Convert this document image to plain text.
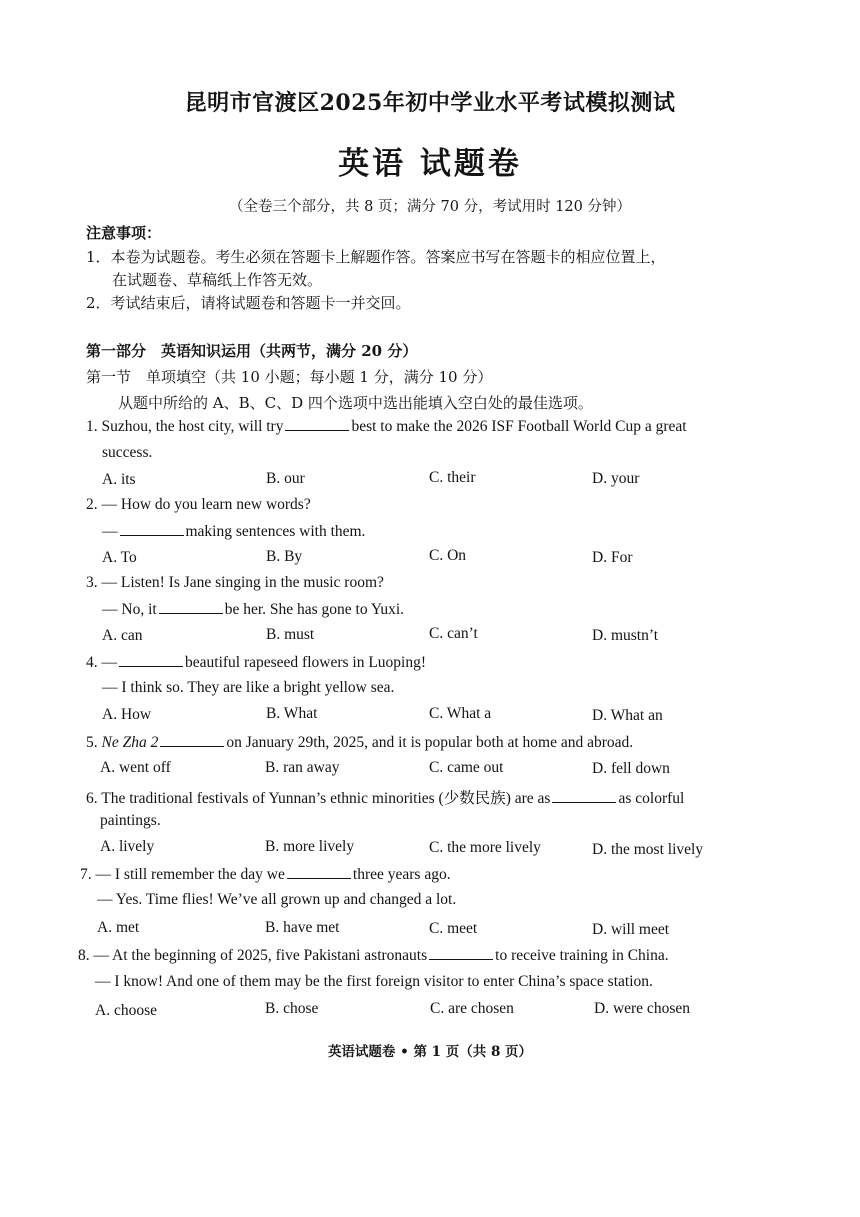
昆明市官渡区2025年初中学业水平考试模拟测试
英语 试题卷
（全卷三个部分，共 8 页；满分 70 分，考试用时 120 分钟）
注意事项：
1．本卷为试题卷。考生必须在答题卡上解题作答。答案应书写在答题卡的相应位置上，
在试题卷、草稿纸上作答无效。
2．考试结束后，请将试题卷和答题卡一并交回。
第一部分　英语知识运用（共两节，满分 20 分）
第一节　单项填空（共 10 小题；每小题 1 分，满分 10 分）
从题中所给的 A、B、C、D 四个选项中选出能填入空白处的最佳选项。
1. Suzhou, the host city, will try	best to make the 2026 ISF Football World Cup a great
success.
A. its	B. our	C. their	D. your
2. — How do you learn new words?
—	making sentences with them.
A. To	B. By	C. On	D. For
3. — Listen! Is Jane singing in the music room?
— No, it	be her. She has gone to Yuxi.
A. can	B. must	C. can’t	D. mustn’t
4. —	beautiful rapeseed flowers in Luoping!
— I think so. They are like a bright yellow sea.
A. How	B. What	C. What a	D. What an
5. Ne Zha 2	on January 29th, 2025, and it is popular both at home and abroad.
A. went off	B. ran away	C. came out	D. fell down
6. The traditional festivals of Yunnan’s ethnic minorities (少数民族) are as	as colorful
paintings.
A. lively	B. more lively	C. the more lively	D. the most lively
7. — I still remember the day we	three years ago.
— Yes. Time flies! We’ve all grown up and changed a lot.
A. met	B. have met	C. meet	D. will meet
8. — At the beginning of 2025, five Pakistani astronauts	to receive training in China.
— I know! And one of them may be the first foreign visitor to enter China’s space station.
A. choose	B. chose	C. are chosen	D. were chosen
英语试题卷 • 第 1 页（共 8 页）
